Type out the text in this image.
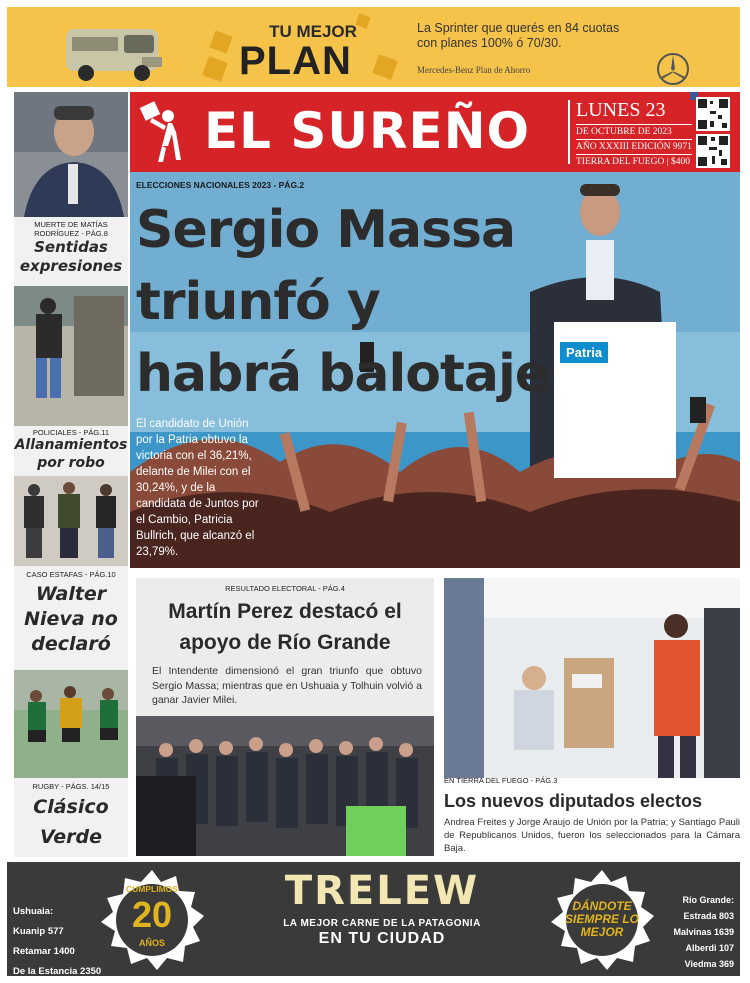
TU MEJOR
PLAN
La Sprinter que querés en 84 cuotas con planes 100% ó 70/30.
Mercedes-Benz Plan de Ahorro
EL SUREÑO LUNES 23
DE OCTUBRE DE 2023
AÑO XXXIII EDICIÓN 9971
TIERRA DEL FUEGO | $400
MUERTE DE MATÍAS RODRÍGUEZ - PÁG.8
Sentidas expresiones
POLICIALES - PÁG.11
Allanamientos por robo
CASO ESTAFAS - PÁG.10
Walter Nieva no declaró
RUGBY - PÁGS. 14/15
Clásico Verde
Patria
ELECCIONES NACIONALES 2023 - PÁG.2
Sergio Massa triunfó y habrá balotaje
El candidato de Unión por la Patria obtuvo la victoria con el 36,21%, delante de Milei con el 30,24%, y de la candidata de Juntos por el Cambio, Patricia Bullrich, que alcanzó el 23,79%.
RESULTADO ELECTORAL - PÁG.4
Martín Perez destacó el apoyo de Río Grande
El Intendente dimensionó el gran triunfo que obtuvo Sergio Massa; mientras que en Ushuaia y Tolhuin volvió a ganar Javier Milei.
EN TIERRA DEL FUEGO - PÁG.3
Los nuevos diputados electos
Andrea Freites y Jorge Araujo de Unión por la Patria; y Santiago Pauli de Republicanos Unidos, fueron los seleccionados para la Cámara Baja.
Ushuaia:
Kuanip 577
Retamar 1400
De la Estancia 2350
CUMPLIMOS
20
AÑOS
TRELEW
LA MEJOR CARNE DE LA PATAGONIA
EN TU CIUDAD
DÁNDOTE SIEMPRE LO MEJOR
Río Grande:
Estrada 803
Malvinas 1639
Alberdi 107
Viedma 369
